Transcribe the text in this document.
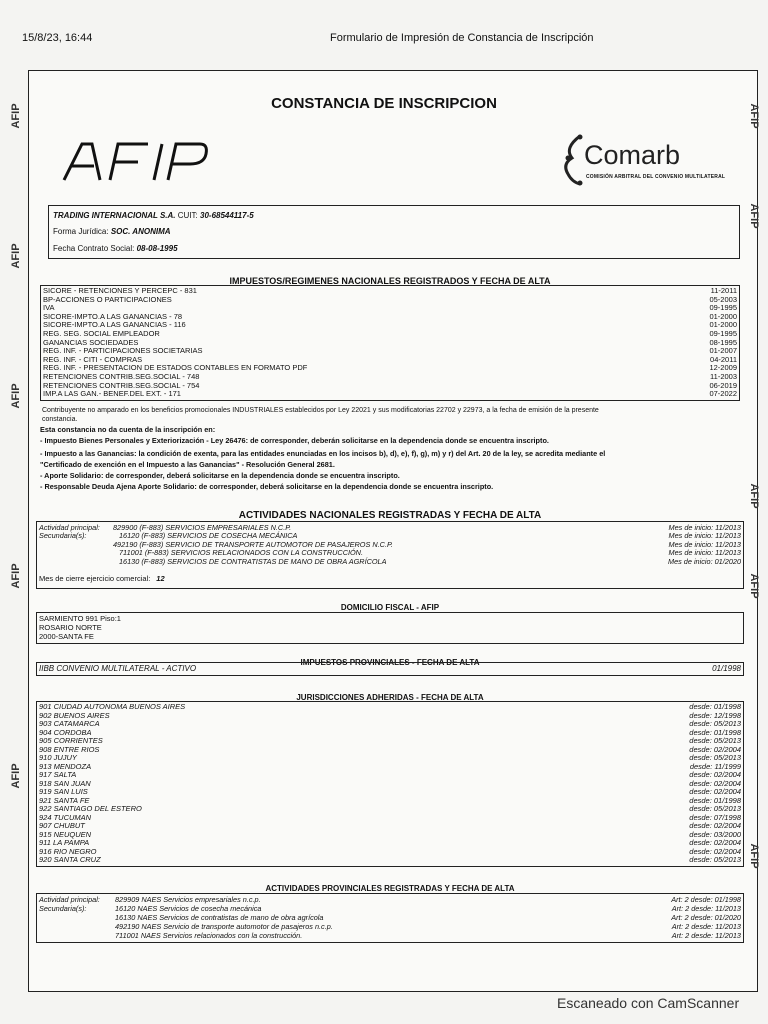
15/8/23, 16:44	Formulario de Impresión de Constancia de Inscripción
AFIP
AFIP
AFIP
AFIP
AFIP
AFIP
AFIP
AFIP
AFIP
AFIP
CONSTANCIA DE INSCRIPCION
Comarb
COMISIÓN ARBITRAL DEL CONVENIO MULTILATERAL
TRADING INTERNACIONAL S.A. CUIT: 30-68544117-5
Forma Jurídica: SOC. ANONIMA
Fecha Contrato Social: 08-08-1995
IMPUESTOS/REGIMENES NACIONALES REGISTRADOS Y FECHA DE ALTA
SICORE - RETENCIONES Y PERCEPC - 831	11-2011
BP-ACCIONES O PARTICIPACIONES	05-2003
IVA	09-1995
SICORE-IMPTO.A LAS GANANCIAS - 78	01-2000
SICORE-IMPTO.A LAS GANANCIAS - 116	01-2000
REG. SEG. SOCIAL EMPLEADOR	09-1995
GANANCIAS SOCIEDADES	08-1995
REG. INF. - PARTICIPACIONES SOCIETARIAS	01-2007
REG. INF. - CITI - COMPRAS	04-2011
REG. INF. - PRESENTACION DE ESTADOS CONTABLES EN FORMATO PDF	12-2009
RETENCIONES CONTRIB.SEG.SOCIAL - 748	11-2003
RETENCIONES CONTRIB.SEG.SOCIAL - 754	06-2019
IMP.A LAS GAN.- BENEF.DEL EXT. - 171	07-2022
Contribuyente no amparado en los beneficios promocionales INDUSTRIALES establecidos por Ley 22021 y sus modificatorias 22702 y 22973, a la fecha de emisión de la presente
constancia.
Esta constancia no da cuenta de la inscripción en:
- Impuesto Bienes Personales y Exteriorización - Ley 26476: de corresponder, deberán solicitarse en la dependencia donde se encuentra inscripto.
- Impuesto a las Ganancias: la condición de exenta, para las entidades enunciadas en los incisos b), d), e), f), g), m) y r) del Art. 20 de la ley, se acredita mediante el
"Certificado de exención en el Impuesto a las Ganancias" - Resolución General 2681.
- Aporte Solidario: de corresponder, deberá solicitarse en la dependencia donde se encuentra inscripto.
- Responsable Deuda Ajena Aporte Solidario: de corresponder, deberá solicitarse en la dependencia donde se encuentra inscripto.
ACTIVIDADES NACIONALES REGISTRADAS Y FECHA DE ALTA
Actividad principal: 829900 (F-883) SERVICIOS EMPRESARIALES N.C.P.	Mes de inicio: 11/2013
Secundaria(s):	16120 (F-883) SERVICIOS DE COSECHA MECÁNICA	Mes de inicio: 11/2013
492190 (F-883) SERVICIO DE TRANSPORTE AUTOMOTOR DE PASAJEROS N.C.P.	Mes de inicio: 11/2013
711001 (F-883) SERVICIOS RELACIONADOS CON LA CONSTRUCCIÓN.	Mes de inicio: 11/2013
16130 (F-883) SERVICIOS DE CONTRATISTAS DE MANO DE OBRA AGRÍCOLA	Mes de inicio: 01/2020
Mes de cierre ejercicio comercial: 12
DOMICILIO FISCAL - AFIP
SARMIENTO 991 Piso:1
ROSARIO NORTE
2000-SANTA FE
IMPUESTOS PROVINCIALES - FECHA DE ALTA
IIBB CONVENIO MULTILATERAL - ACTIVO	01/1998
JURISDICCIONES ADHERIDAS - FECHA DE ALTA
901 CIUDAD AUTONOMA BUENOS AIRES	desde: 01/1998
902 BUENOS AIRES	desde: 12/1998
903 CATAMARCA	desde: 05/2013
904 CORDOBA	desde: 01/1998
905 CORRIENTES	desde: 05/2013
908 ENTRE RIOS	desde: 02/2004
910 JUJUY	desde: 05/2013
913 MENDOZA	desde: 11/1999
917 SALTA	desde: 02/2004
918 SAN JUAN	desde: 02/2004
919 SAN LUIS	desde: 02/2004
921 SANTA FE	desde: 01/1998
922 SANTIAGO DEL ESTERO	desde: 05/2013
924 TUCUMAN	desde: 07/1998
907 CHUBUT	desde: 02/2004
915 NEUQUEN	desde: 03/2000
911 LA PAMPA	desde: 02/2004
916 RIO NEGRO	desde: 02/2004
920 SANTA CRUZ	desde: 05/2013
ACTIVIDADES PROVINCIALES REGISTRADAS Y FECHA DE ALTA
Actividad principal: 829909 NAES Servicios empresariales n.c.p.	Art: 2 desde: 01/1998
Secundaria(s):	16120 NAES Servicios de cosecha mecánica	Art: 2 desde: 11/2013
16130 NAES Servicios de contratistas de mano de obra agrícola	Art: 2 desde: 01/2020
492190 NAES Servicio de transporte automotor de pasajeros n.c.p.	Art: 2 desde: 11/2013
711001 NAES Servicios relacionados con la construcción.	Art: 2 desde: 11/2013
Escaneado con CamScanner
